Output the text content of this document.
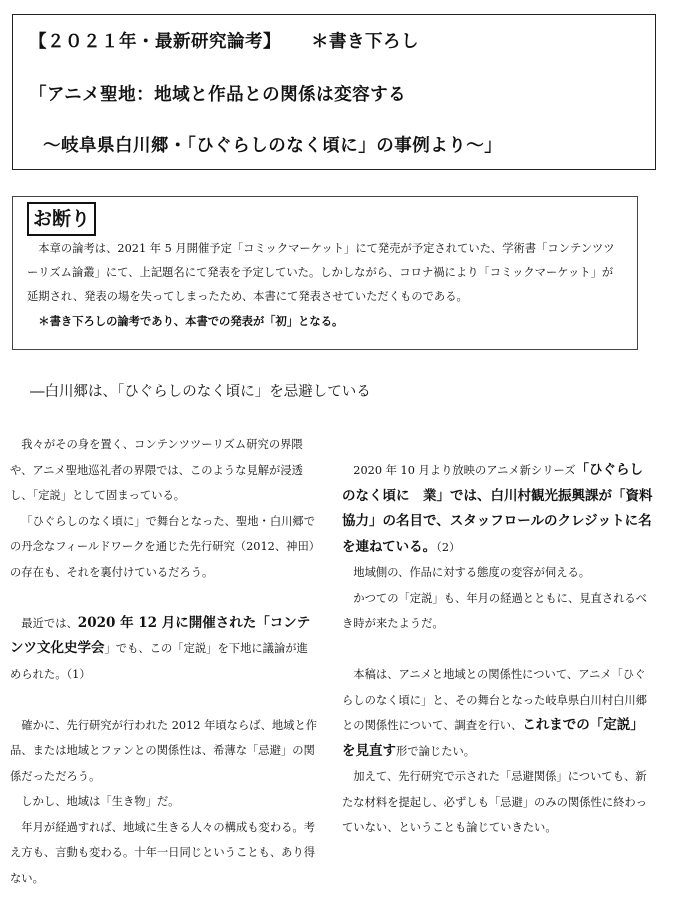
【２０２１年・最新研究論考】 ＊書き下ろし
「アニメ聖地：地域と作品との関係は変容する
～岐阜県白川郷・「ひぐらしのなく頃に」の事例より～」
お断り
本章の論考は、2021 年 5 月開催予定「コミックマーケット」にて発売が予定されていた、学術書「コンテンツツーリズム論叢」にて、上記題名にて発表を予定していた。しかしながら、コロナ禍により「コミックマーケット」が延期され、発表の場を失ってしまったため、本書にて発表させていただくものである。
＊書き下ろしの論考であり、本書での発表が「初」となる。
―白川郷は、「ひぐらしのなく頃に」を忌避している

我々がその身を置く、コンテンツツーリズム研究の界隈や、アニメ聖地巡礼者の界隈では、このような見解が浸透し、「定説」として固まっている。

「ひぐらしのなく頃に」で舞台となった、聖地・白川郷での丹念なフィールドワークを通じた先行研究（2012、神田）の存在も、それを裏付けているだろう。

最近では、2020 年 12 月に開催された「コンテンツ文化史学会」でも、この「定説」を下地に議論が進められた。（1）

確かに、先行研究が行われた 2012 年頃ならば、地域と作品、または地域とファンとの関係性は、希薄な「忌避」の関係だっただろう。

しかし、地域は「生き物」だ。

年月が経過すれば、地域に生きる人々の構成も変わる。考え方も、言動も変わる。十年一日同じということも、あり得ない。

2020 年 10 月より放映のアニメ新シリーズ「ひぐらしのなく頃に　業」では、白川村観光振興課が「資料協力」の名目で、スタッフロールのクレジットに名を連ねている。（2）

地域側の、作品に対する態度の変容が伺える。

かつての「定説」も、年月の経過とともに、見直されるべき時が来たようだ。

本稿は、アニメと地域との関係性について、アニメ「ひぐらしのなく頃に」と、その舞台となった岐阜県白川村白川郷との関係性について、調査を行い、これまでの「定説」を見直す形で論じたい。

加えて、先行研究で示された「忌避関係」についても、新たな材料を提起し、必ずしも「忌避」のみの関係性に終わっていない、ということも論じていきたい。
